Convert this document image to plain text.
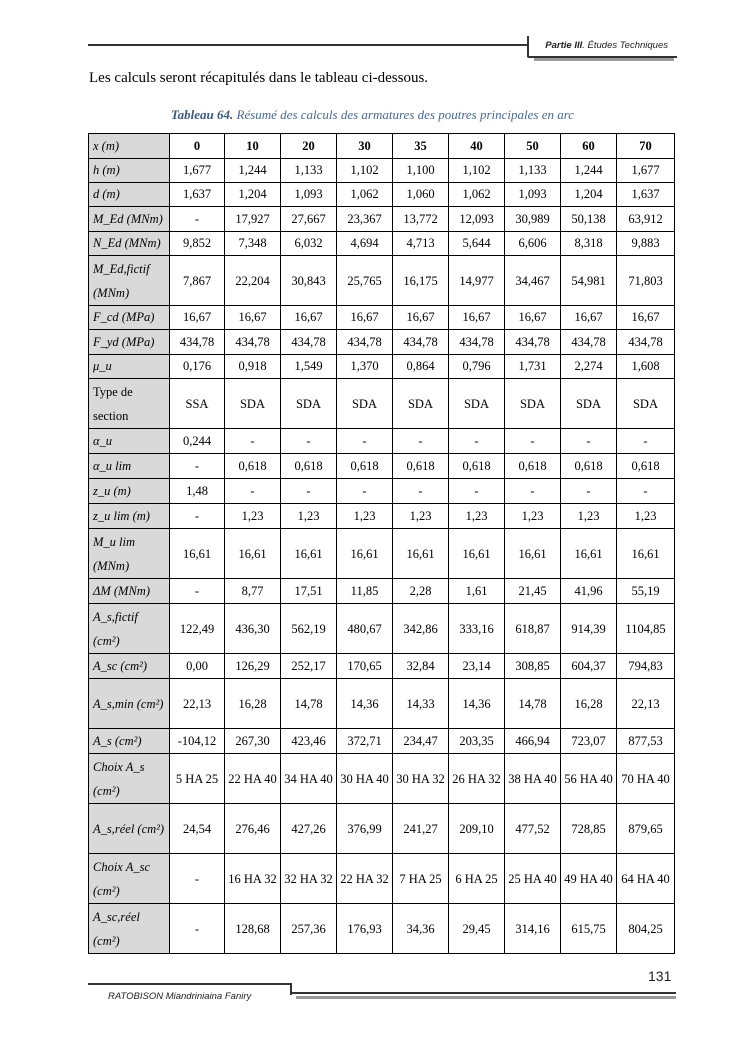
Partie III. Études Techniques

Les calculs seront récapitulés dans le tableau ci-dessous.

Tableau 64. Résumé des calculs des armatures des poutres principales en arc
x (m)	0	10	20	30	35	40	50	60	70
h (m)	1,677	1,244	1,133	1,102	1,100	1,102	1,133	1,244	1,677
d (m)	1,637	1,204	1,093	1,062	1,060	1,062	1,093	1,204	1,637
M_Ed (MNm)	-	17,927	27,667	23,367	13,772	12,093	30,989	50,138	63,912
N_Ed (MNm)	9,852	7,348	6,032	4,694	4,713	5,644	6,606	8,318	9,883
M_Ed,fictif (MNm)	7,867	22,204	30,843	25,765	16,175	14,977	34,467	54,981	71,803
F_cd (MPa)	16,67	16,67	16,67	16,67	16,67	16,67	16,67	16,67	16,67
F_yd (MPa)	434,78	434,78	434,78	434,78	434,78	434,78	434,78	434,78	434,78
μ_u	0,176	0,918	1,549	1,370	0,864	0,796	1,731	2,274	1,608
Type de section	SSA	SDA	SDA	SDA	SDA	SDA	SDA	SDA	SDA
α_u	0,244	-	-	-	-	-	-	-	-
α_u lim	-	0,618	0,618	0,618	0,618	0,618	0,618	0,618	0,618
z_u (m)	1,48	-	-	-	-	-	-	-	-
z_u lim (m)	-	1,23	1,23	1,23	1,23	1,23	1,23	1,23	1,23
M_u lim (MNm)	16,61	16,61	16,61	16,61	16,61	16,61	16,61	16,61	16,61
ΔM (MNm)	-	8,77	17,51	11,85	2,28	1,61	21,45	41,96	55,19
A_s,fictif (cm²)	122,49	436,30	562,19	480,67	342,86	333,16	618,87	914,39	1104,85
A_sc (cm²)	0,00	126,29	252,17	170,65	32,84	23,14	308,85	604,37	794,83
A_s,min (cm²)	22,13	16,28	14,78	14,36	14,33	14,36	14,78	16,28	22,13
A_s (cm²)	-104,12	267,30	423,46	372,71	234,47	203,35	466,94	723,07	877,53
Choix A_s (cm²)	5 HA 25	22 HA 40	34 HA 40	30 HA 40	30 HA 32	26 HA 32	38 HA 40	56 HA 40	70 HA 40
A_s,réel (cm²)	24,54	276,46	427,26	376,99	241,27	209,10	477,52	728,85	879,65
Choix A_sc (cm²)	-	16 HA 32	32 HA 32	22 HA 32	7 HA 25	6 HA 25	25 HA 40	49 HA 40	64 HA 40
A_sc,réel (cm²)	-	128,68	257,36	176,93	34,36	29,45	314,16	615,75	804,25
131
RATOBISON Miandriniaina Faniry
